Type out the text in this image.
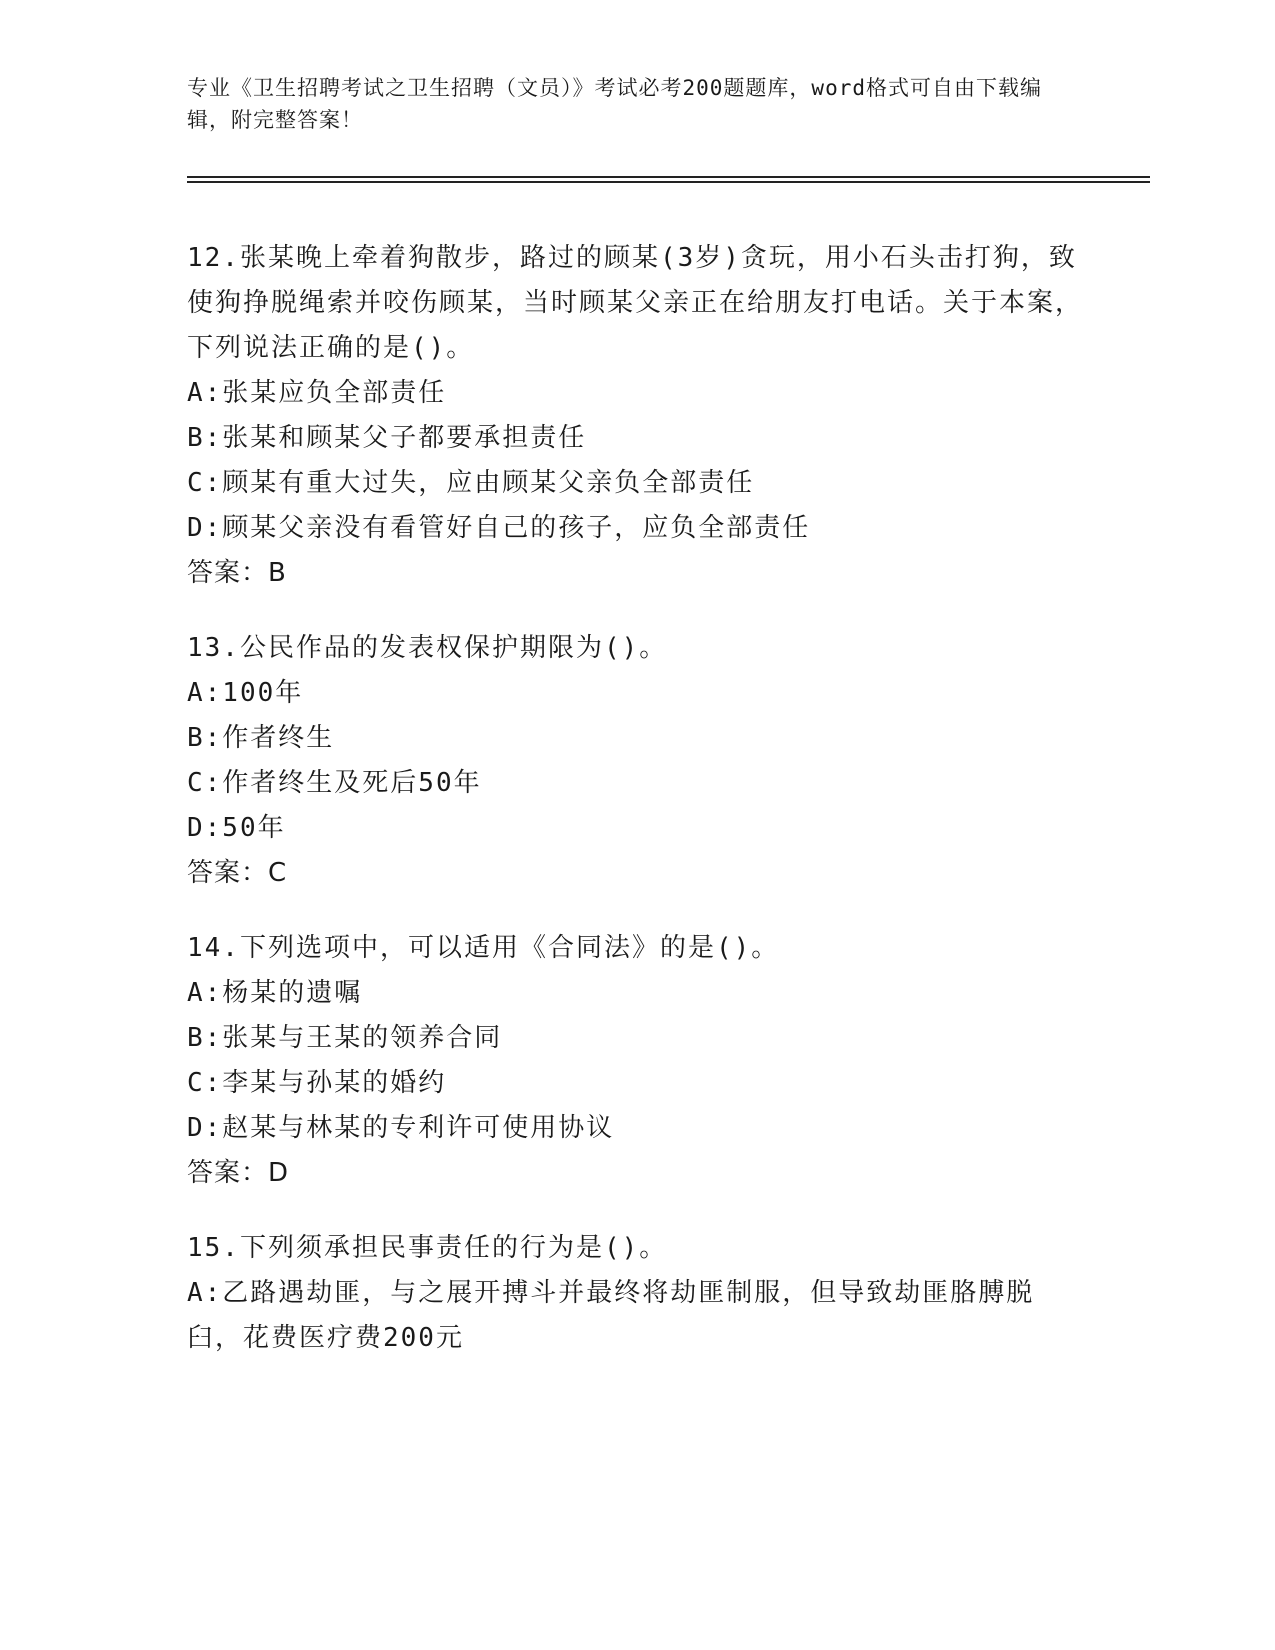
专业《卫生招聘考试之卫生招聘（文员）》考试必考200题题库，word格式可自由下载编辑，附完整答案！
12.张某晚上牵着狗散步，路过的顾某(3岁)贪玩，用小石头击打狗，致使狗挣脱绳索并咬伤顾某，当时顾某父亲正在给朋友打电话。关于本案，下列说法正确的是()。
A:张某应负全部责任
B:张某和顾某父子都要承担责任
C:顾某有重大过失，应由顾某父亲负全部责任
D:顾某父亲没有看管好自己的孩子，应负全部责任
答案：B
13.公民作品的发表权保护期限为()。
A:100年
B:作者终生
C:作者终生及死后50年
D:50年
答案：C
14.下列选项中，可以适用《合同法》的是()。
A:杨某的遗嘱
B:张某与王某的领养合同
C:李某与孙某的婚约
D:赵某与林某的专利许可使用协议
答案：D
15.下列须承担民事责任的行为是()。
A:乙路遇劫匪，与之展开搏斗并最终将劫匪制服，但导致劫匪胳膊脱臼，花费医疗费200元
